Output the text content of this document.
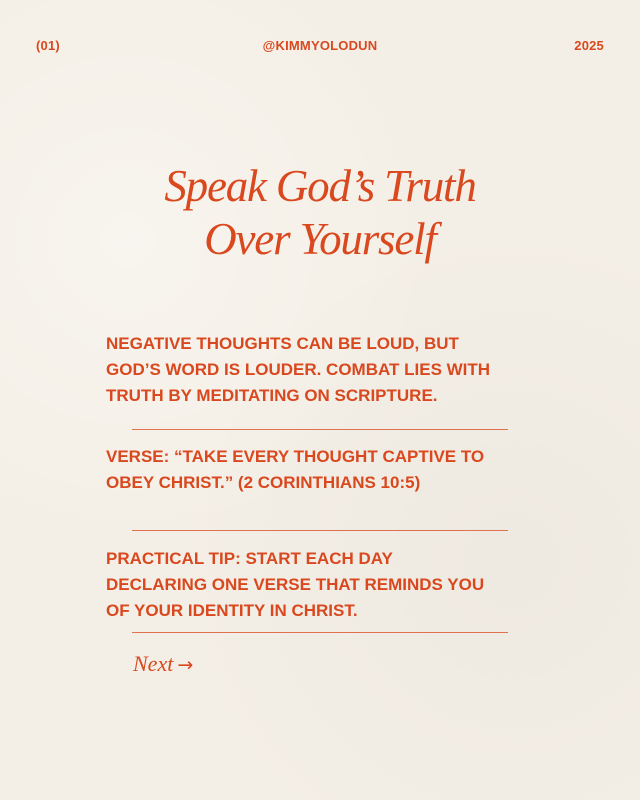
(01)	@KIMMYOLODUN	2025
Speak God’s Truth
Over Yourself
NEGATIVE THOUGHTS CAN BE LOUD, BUT
GOD’S WORD IS LOUDER. COMBAT LIES WITH
TRUTH BY MEDITATING ON SCRIPTURE.
VERSE: “TAKE EVERY THOUGHT CAPTIVE TO
OBEY CHRIST.” (2 CORINTHIANS 10:5)
PRACTICAL TIP: START EACH DAY
DECLARING ONE VERSE THAT REMINDS YOU
OF YOUR IDENTITY IN CHRIST.
Next →
